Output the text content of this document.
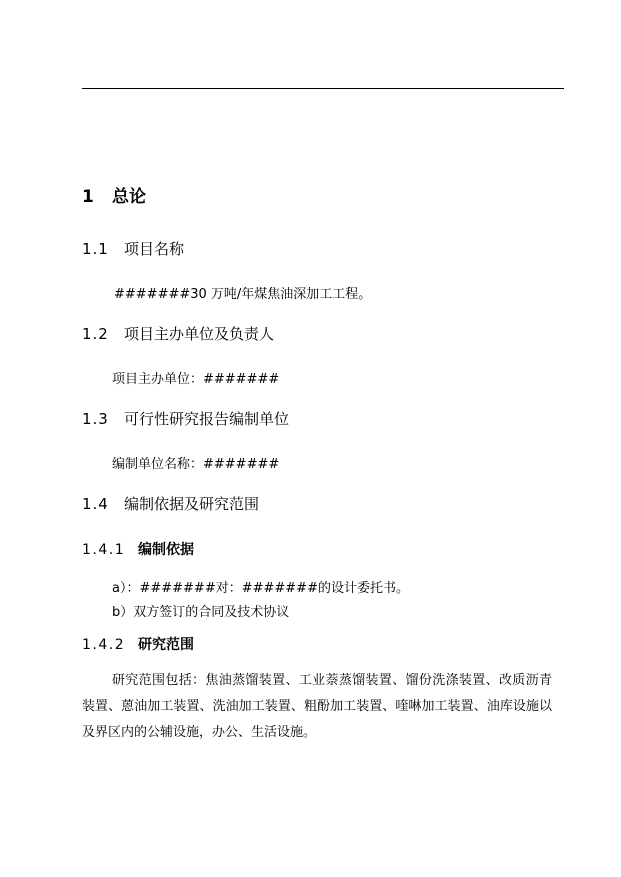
1 总论
1.1 项目名称
#######30 万吨/年煤焦油深加工工程。
1.2 项目主办单位及负责人
项目主办单位：#######
1.3 可行性研究报告编制单位
编制单位名称：#######
1.4 编制依据及研究范围
1.4.1 编制依据
a）：#######对：#######的设计委托书。
b）双方签订的合同及技术协议
1.4.2 研究范围
研究范围包括：焦油蒸馏装置、工业萘蒸馏装置、馏份洗涤装置、改质沥青装置、蒽油加工装置、洗油加工装置、粗酚加工装置、喹啉加工装置、油库设施以及界区内的公辅设施，办公、生活设施。
